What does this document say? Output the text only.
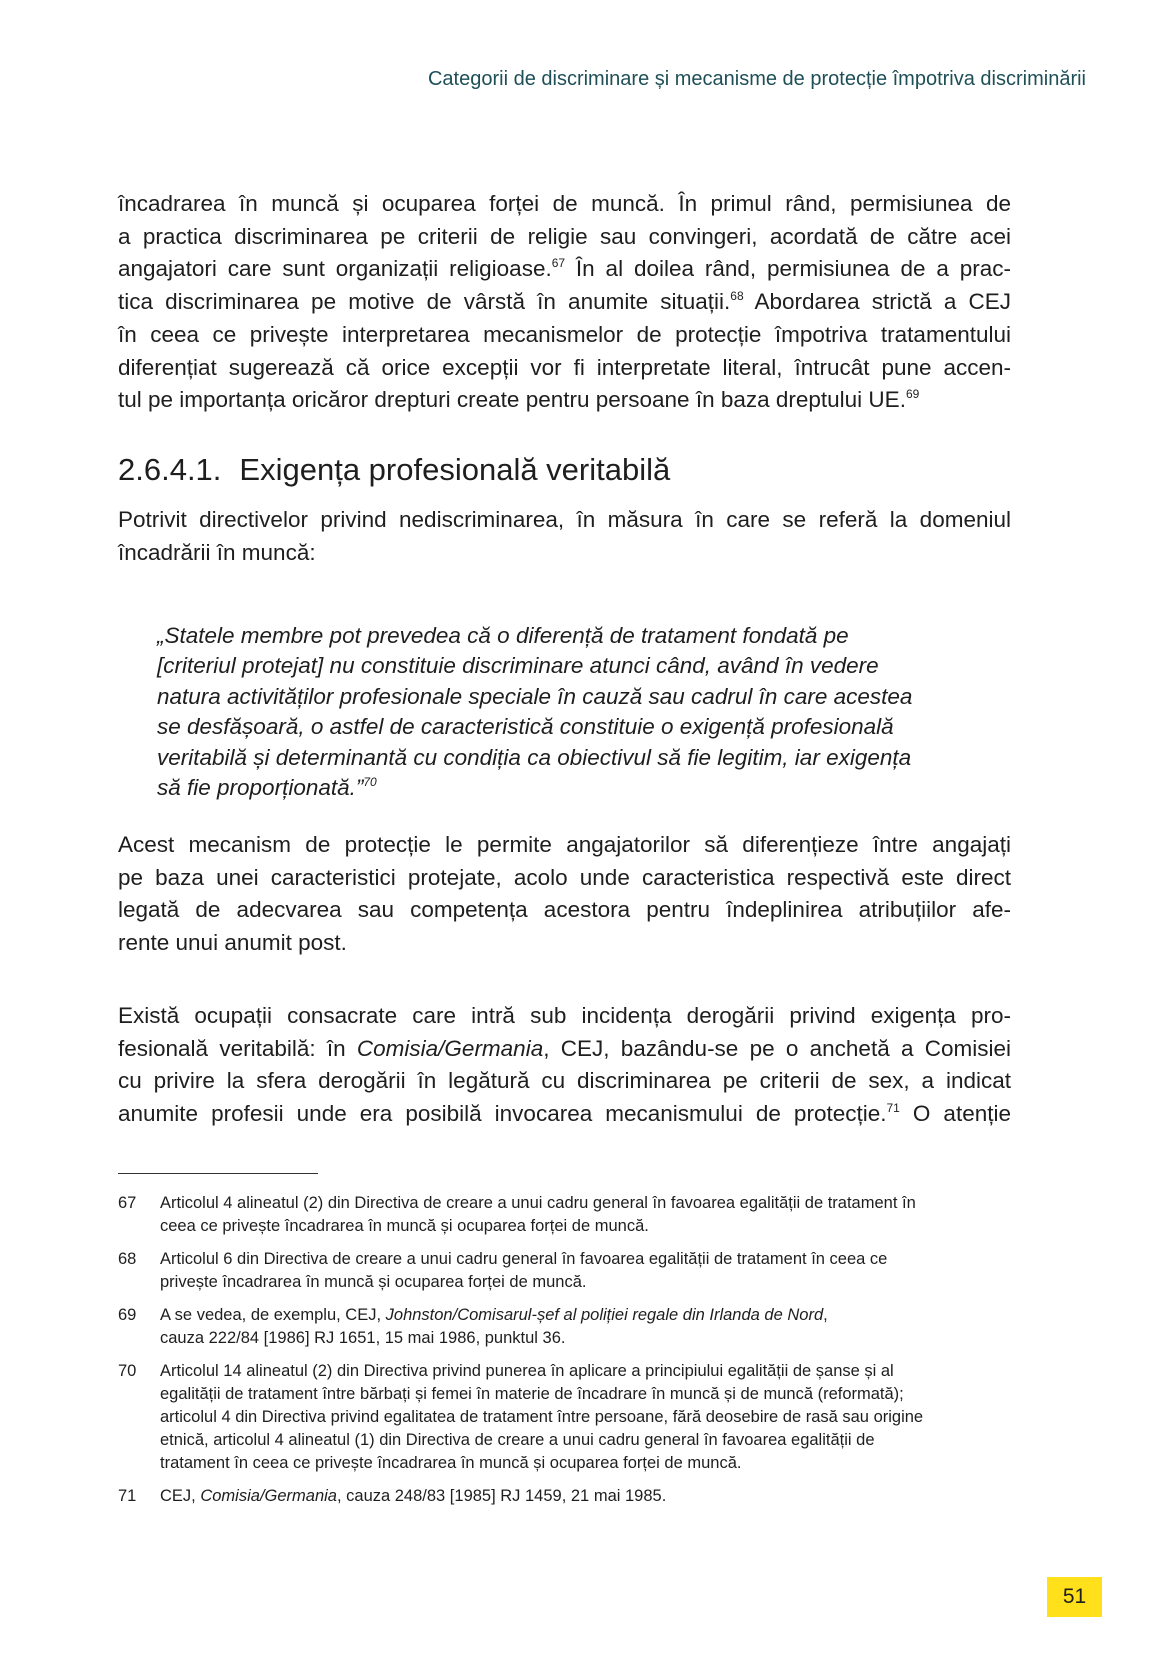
Categorii de discriminare și mecanisme de protecție împotriva discriminării
încadrarea în muncă și ocuparea forței de muncă. În primul rând, permisiunea de
a practica discriminarea pe criterii de religie sau convingeri, acordată de către acei
angajatori care sunt organizații religioase.$^{67}$ În al doilea rând, permisiunea de a prac-
tica discriminarea pe motive de vârstă în anumite situații.$^{68}$ Abordarea strictă a CEJ
în ceea ce privește interpretarea mecanismelor de protecție împotriva tratamentului
diferențiat sugerează că orice excepții vor fi interpretate literal, întrucât pune accen-
tul pe importanța oricăror drepturi create pentru persoane în baza dreptului UE.$^{69}$
2.6.4.1. Exigența profesională veritabilă
Potrivit directivelor privind nediscriminarea, în măsura în care se referă la domeniul
încadrării în muncă:
„Statele membre pot prevedea că o diferență de tratament fondată pe
[criteriul protejat] nu constituie discriminare atunci când, având în vedere
natura activităților profesionale speciale în cauză sau cadrul în care acestea
se desfășoară, o astfel de caracteristică constituie o exigență profesională
veritabilă și determinantă cu condiția ca obiectivul să fie legitim, iar exigența
să fie proporționată.”$^{70}$
Acest mecanism de protecție le permite angajatorilor să diferențieze între angajați
pe baza unei caracteristici protejate, acolo unde caracteristica respectivă este direct
legată de adecvarea sau competența acestora pentru îndeplinirea atribuțiilor afe-
rente unui anumit post.
Există ocupații consacrate care intră sub incidența derogării privind exigența pro-
fesională veritabilă: în Comisia/Germania, CEJ, bazându-se pe o anchetă a Comisiei
cu privire la sfera derogării în legătură cu discriminarea pe criterii de sex, a indicat
anumite profesii unde era posibilă invocarea mecanismului de protecție.$^{71}$ O atenție
67 Articolul 4 alineatul (2) din Directiva de creare a unui cadru general în favoarea egalității de tratament în
ceea ce privește încadrarea în muncă și ocuparea forței de muncă.
68 Articolul 6 din Directiva de creare a unui cadru general în favoarea egalității de tratament în ceea ce
privește încadrarea în muncă și ocuparea forței de muncă.
69 A se vedea, de exemplu, CEJ, Johnston/Comisarul-șef al poliției regale din Irlanda de Nord,
cauza 222/84 [1986] RJ 1651, 15 mai 1986, punktul 36.
70 Articolul 14 alineatul (2) din Directiva privind punerea în aplicare a principiului egalității de șanse și al
egalității de tratament între bărbați și femei în materie de încadrare în muncă și de muncă (reformată);
articolul 4 din Directiva privind egalitatea de tratament între persoane, fără deosebire de rasă sau origine
etnică, articolul 4 alineatul (1) din Directiva de creare a unui cadru general în favoarea egalității de
tratament în ceea ce privește încadrarea în muncă și ocuparea forței de muncă.
71 CEJ, Comisia/Germania, cauza 248/83 [1985] RJ 1459, 21 mai 1985.
51
